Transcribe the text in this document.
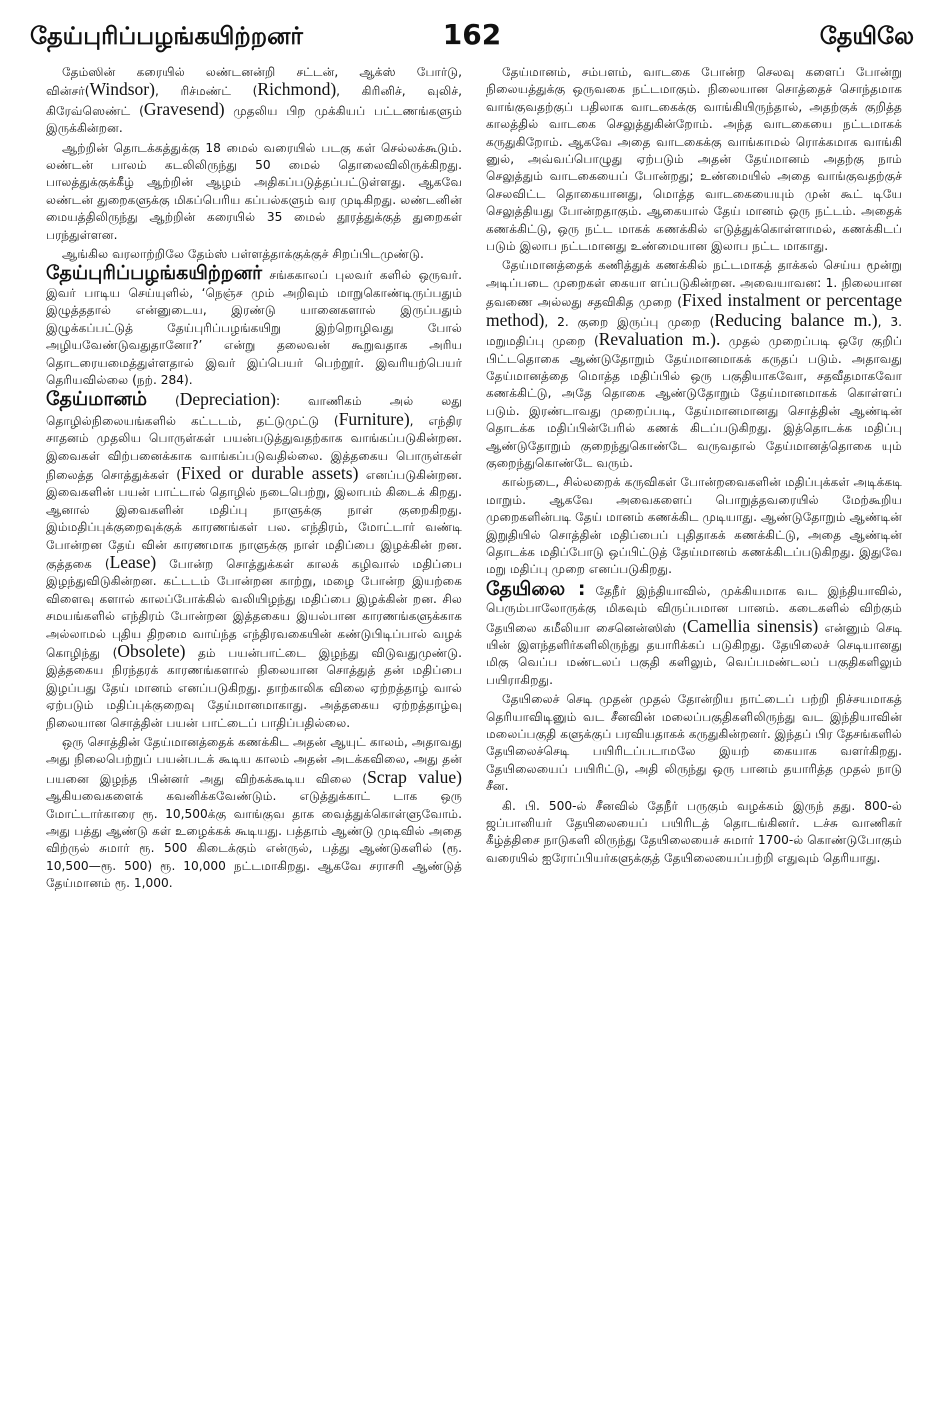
தேய்புரிப்பழங்கயிற்றனர்	162	தேயிலே

தேம்ஸின் கரையில் லண்டனன்றி சட்டன், ஆக்ஸ் போர்டு, வின்சர்(Windsor), ரிச்மண்ட் (Richmond), கிரினிச், வுலிச், கிரேவ்ஸெண்ட் (Gravesend) முதலிய பிற முக்கியப் பட்டணங்களும் இருக்கின்றன.

ஆற்றின் தொடக்கத்துக்கு 18 மைல் வரையில் படகு கள் செல்லக்கூடும். லண்டன் பாலம் கடலிலிருந்து 50 மைல் தொலைவிலிருக்கிறது. பாலத்துக்குக்கீழ் ஆற்றின் ஆழம் அதிகப்படுத்தப்பட்டுள்ளது. ஆகவே லண்டன் துறைகளுக்கு மிகப்பெரிய கப்பல்களும் வர முடிகிறது. லண்டனின் மையத்திலிருந்து ஆற்றின் கரையில் 35 மைல் தூரத்துக்குத் துறைகள் பரந்துள்ளன.

ஆங்கில வரலாற்றிலே தேம்ஸ் பள்ளத்தாக்குக்குச் சிறப்பிடமுண்டு.

தேய்புரிப்பழங்கயிற்றனர் சங்ககாலப் புலவர் களில் ஒருவர். இவர் பாடிய செய்யுளில், ‘நெஞ்ச மும் அறிவும் மாறுகொண்டிருப்பதும் இழுத்ததால் என்னுடைய, இரண்டு யானைகளால் இருப்பதும் இழுக்கப்பட்டுத் தேய்புரிப்பழங்கயிறு இற்றொழிவது போல் அழியவேண்டுவதுதானோ?’ என்று தலைவன் கூறுவதாக அரிய தொடரையமைத்துள்ளதால் இவர் இப்பெயர் பெற்றூர். இவரியற்பெயர் தெரியவில்லை (நற். 284).

தேய்மானம் (Depreciation): வாணிகம் அல் லது தொழில்நிலையங்களில் கட்டடம், தட்டுமுட்டு (Furniture), எந்திர சாதனம் முதலிய பொருள்கள் பயன்படுத்துவதற்காக வாங்கப்படுகின்றன. இவைகள் விற்பனைக்காக வாங்கப்படுவதில்லை. இத்தகைய பொருள்கள் நிலைத்த சொத்துக்கள் (Fixed or durable assets) எனப்படுகின்றன. இவைகளின் பயன் பாட்டால் தொழில் நடைபெற்று, இலாபம் கிடைக் கிறது. ஆனால் இவைகளின் மதிப்பு நாளுக்கு நாள் குறைகிறது. இம்மதிப்புக்குறைவுக்குக் காரணங்கள் பல. எந்திரம், மோட்டார் வண்டி போன்றன தேய் வின் காரணமாக நாளுக்கு நாள் மதிப்பை இழக்கின் றன. குத்தகை (Lease) போன்ற சொத்துக்கள் காலக் கழிவால் மதிப்பை இழந்துவிடுகின்றன. கட்டடம் போன்றன காற்று, மழை போன்ற இயற்கை விளைவு களால் காலப்போக்கில் வலியிழந்து மதிப்பை இழக்கின் றன. சில சமயங்களில் எந்திரம் போன்றன இத்தகைய இயல்பான காரணங்களுக்காக அல்லாமல் புதிய திறமை வாய்ந்த எந்திரவகையின் கண்டுபிடிப்பால் வழக் கொழிந்து (Obsolete) தம் பயன்பாட்டை இழந்து விடுவதுமுண்டு. இத்தகைய நிரந்தரக் காரணங்களால் நிலையான சொத்துத் தன் மதிப்பை இழப்பது தேய் மானம் எனப்படுகிறது. தாற்காலிக விலை ஏற்றத்தாழ் வால் ஏற்படும் மதிப்புக்குறைவு தேய்மானமாகாது. அத்தகைய ஏற்றத்தாழ்வு நிலையான சொத்தின் பயன் பாட்டைப் பாதிப்பதில்லை.

ஒரு சொத்தின் தேய்மானத்தைக் கணக்கிட அதன் ஆயுட் காலம், அதாவது அது நிலைபெற்றுப் பயன்படக் கூடிய காலம் அதன் அடக்கவிலை, அது தன் பயனை இழந்த பின்னர் அது விற்கக்கூடிய விலை (Scrap value) ஆகியவைகளைக் கவனிக்கவேண்டும். எடுத்துக்காட் டாக ஒரு மோட்டார்காரை ரூ. 10,500க்கு வாங்குவ தாக வைத்துக்கொள்ளுவோம். அது பத்து ஆண்டு கள் உழைக்கக் கூடியது. பத்தாம் ஆண்டு முடிவில் அதை விற்ருல் சுமார் ரூ. 500 கிடைக்கும் என்ருல், பத்து ஆண்டுகளில் (ரூ. 10,500—ரூ. 500) ரூ. 10,000 நட்டமாகிறது. ஆகவே சராசரி ஆண்டுத் தேய்மானம் ரூ. 1,000.

தேய்மானம், சம்பளம், வாடகை போன்ற செலவு களைப் போன்று நிலையத்துக்கு ஒருவகை நட்டமாகும். நிலையான சொத்தைச் சொந்தமாக வாங்குவதற்குப் பதிலாக வாடகைக்கு வாங்கியிருந்தால், அதற்குக் குறித்த காலத்தில் வாடகை செலுத்துகின்றோம். அந்த வாடகையை நட்டமாகக் கருதுகிறோம். ஆகவே அதை வாடகைக்கு வாங்காமல் ரொக்கமாக வாங்கி னுல், அவ்வப்பொழுது ஏற்படும் அதன் தேய்மானம் அதற்கு நாம் செலுத்தும் வாடகையைப் போன்றது; உண்மையில் அதை வாங்குவதற்குச் செலவிட்ட தொகையானது, மொத்த வாடகையையும் முன் கூட் டியே செலுத்தியது போன்றதாகும். ஆகையால் தேய் மானம் ஒரு நட்டம். அதைக் கணக்கிட்டு, ஒரு நட்ட மாகக் கணக்கில் எடுத்துக்கொள்ளாமல், கணக்கிடப் படும் இலாப நட்டமானது உண்மையான இலாப நட்ட மாகாது.

தேய்மானத்தைக் கணித்துக் கணக்கில் நட்டமாகத் தாக்கல் செய்ய மூன்று அடிப்படை முறைகள் கையா ளப்படுகின்றன. அவையாவன: 1. நிலையான தவணை அல்லது சதவிகித முறை (Fixed instalment or percentage method), 2. குறை இருப்பு முறை (Reducing balance m.), 3. மறுமதிப்பு முறை (Revaluation m.). முதல் முறைப்படி ஒரே குறிப் பிட்டதொகை ஆண்டுதோறும் தேய்மானமாகக் கருதப் படும். அதாவது தேய்மானத்தை மொத்த மதிப்பில் ஒரு பகுதியாகவோ, சதவீதமாகவோ கணக்கிட்டு, அதே தொகை ஆண்டுதோறும் தேய்மானமாகக் கொள்ளப் படும். இரண்டாவது முறைப்படி, தேய்மானமானது சொத்தின் ஆண்டின் தொடக்க மதிப்பின்பேரில் கணக் கிடப்படுகிறது. இத்தொடக்க மதிப்பு ஆண்டுதோறும் குறைந்துகொண்டே வருவதால் தேய்மானத்தொகை யும் குறைந்துகொண்டே வரும்.

கால்நடை, சில்லறைக் கருவிகள் போன்றவைகளின் மதிப்புக்கள் அடிக்கடி மாறும். ஆகவே அவைகளைப் பொறுத்தவரையில் மேற்கூறிய முறைகளின்படி தேய் மானம் கணக்கிட முடியாது. ஆண்டுதோறும் ஆண்டின் இறுதியில் சொத்தின் மதிப்பைப் புதிதாகக் கணக்கிட்டு, அதை ஆண்டின் தொடக்க மதிப்போடு ஒப்பிட்டுத் தேய்மானம் கணக்கிடப்படுகிறது. இதுவே மறு மதிப்பு முறை எனப்படுகிறது.

தேயிலை : தேநீர் இந்தியாவில், முக்கியமாக வட இந்தியாவில், பெரும்பாலோருக்கு மிகவும் விருப்பமான பானம். கடைகளில் விற்கும் தேயிலை கமீலியா சைனென்ஸிஸ் (Camellia sinensis) என்னும் செடி யின் இளந்தளிர்களிலிருந்து தயாரிக்கப் படுகிறது. தேயிலைச் செடியானது மிகு வெப்ப மண்டலப் பகுதி களிலும், வெப்பமண்டலப் பகுதிகளிலும் பயிராகிறது.

தேயிலைச் செடி முதன் முதல் தோன்றிய நாட்டைப் பற்றி நிச்சயமாகத் தெரியாவிடினும் வட சீனவின் மலைப்பகுதிகளிலிருந்து வட இந்தியாவின் மலைப்பகுதி களுக்குப் பரவியதாகக் கருதுகின்றனர். இந்தப் பிர தேசங்களில் தேயிலைச்செடி பயிரிடப்படாமலே இயற் கையாக வளர்கிறது. தேயிலையைப் பயிரிட்டு, அதி லிருந்து ஒரு பானம் தயாரித்த முதல் நாடு சீன.

கி. பி. 500-ல் சீனவில் தேநீர் பருகும் வழக்கம் இருந் தது. 800-ல் ஜப்பானியர் தேயிலையைப் பயிரிடத் தொடங்கினர். டச்சு வாணிகர் கீழ்த்திசை நாடுகளி லிருந்து தேயிலையைச் சுமார் 1700-ல் கொண்டுபோகும் வரையில் ஐரோப்பியர்களுக்குத் தேயிலையைப்பற்றி எதுவும் தெரியாது.
